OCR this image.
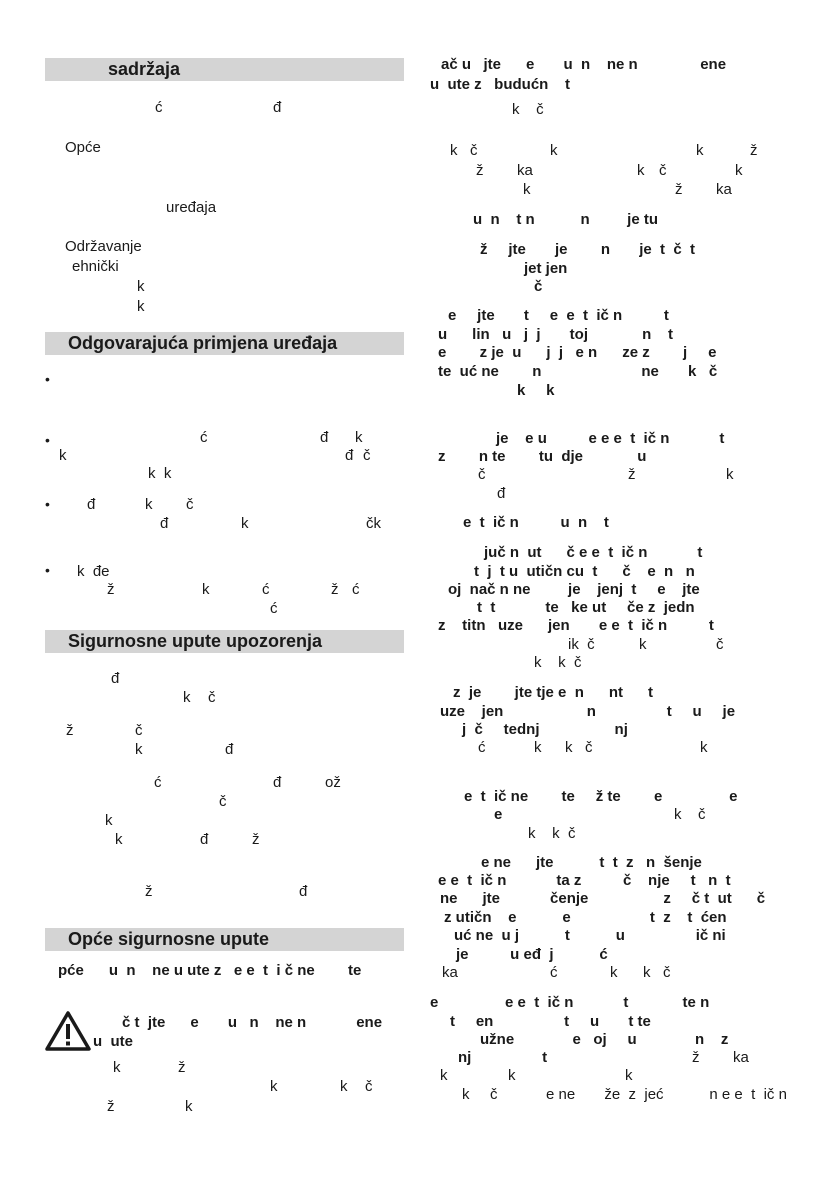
sadržaja
ć	đ
Opće
uređaja
Održavanje
ehnički
k
k
Odgovarajuća primjena uređaja
•
•	ć	đ k
k	đ č
k  k
• đ	k č
đ	k	čk
• k  đe
ž	k	ć	ž ć
ć
Sigurnosne upute upozorenja
đ
k č
ž	č
k	đ
ć	đ	ož
č
k
k	đ	ž
ž	đ
Opće sigurnosne upute
pće      u  n    ne u ute z   e e  t  i č ne        te
č t  jte      e       u   n    ne n            ene
u  ute
k	ž
k	k č
ž	k
ač u   jte      e       u  n    ne n               ene
u  ute z   budućn    t
k    č
k   č	k	k	ž
ž ka	k č	k
k	ž ka
u  n    t n           n         je tu
ž     jte       je        n       je  t  č  t
jet jen
č
e     jte       t     e  e  t  ič n          t
u      lin   u   j  j       toj             n    t
e        z je  u      j  j   e n      ze z        j     e
te  uć ne        n                        ne       k   č
k     k
je    e u          e e e  t  ič n            t
z        n te        tu  dje             u
č	ž	k
đ
e  t  ič n          u  n    t
juč n  ut      č e e  t  ič n            t
t  j  t u  utičn cu  t      č    e  n   n
oj  nač n ne         je    jenj  t     e    jte
t  t            te   ke ut     če z  jedn
z    titn   uze      jen       e e  t  ič n          t
ik  č	k	č
k    k  č
z  je        jte tje e  n      nt      t
uze    jen                    n                 t     u     je
j  č     tednj                  nj
ć	k k   č	k
e  t  ič ne        te     ž te        e                e
e	k č
k    k  č
e ne      jte           t  t  z   n  šenje
e e  t  ič n            ta z          č    nje     t   n  t
ne      jte            čenje                  z     č t  ut      č
z utičn    e           e                   t  z    t  ćen
uć ne  u j           t           u                 ič ni
je          u eđ  j           ć
ka	ć	k k   č
e                e e  t  ič n            t             te n
t     en                 t     u       t te
užne              e   oj     u              n    z
nj                 t	ž ka
k	k	k
k č	e ne       že  z  jeć           n e e  t  ič n
